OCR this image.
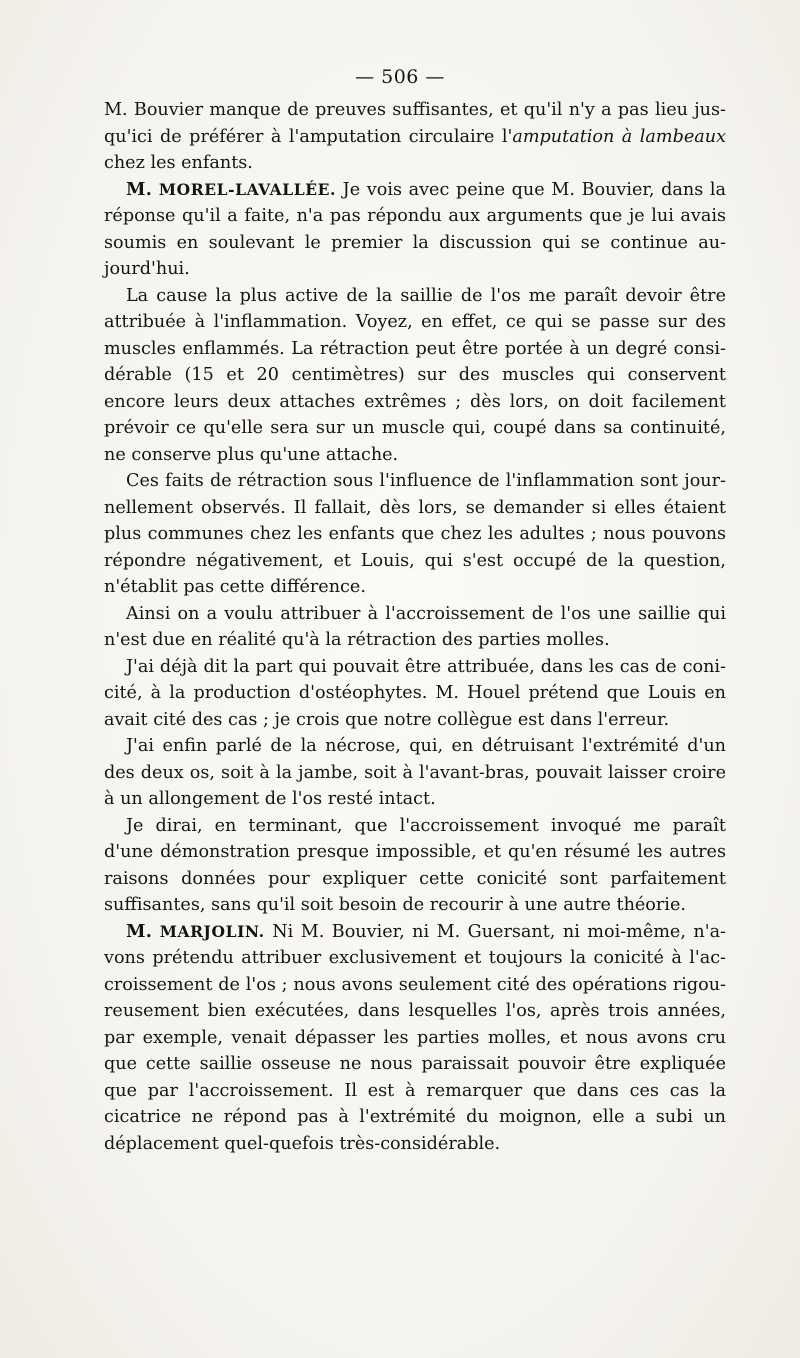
— 506 —

M. Bouvier manque de preuves suffisantes, et qu'il n'y a pas lieu jus-qu'ici de préférer à l'amputation circulaire l'amputation à lambeaux chez les enfants.

M. MOREL-LAVALLÉE. Je vois avec peine que M. Bouvier, dans la réponse qu'il a faite, n'a pas répondu aux arguments que je lui avais soumis en soulevant le premier la discussion qui se continue au-jourd'hui.

La cause la plus active de la saillie de l'os me paraît devoir être attribuée à l'inflammation. Voyez, en effet, ce qui se passe sur des muscles enflammés. La rétraction peut être portée à un degré consi-dérable (15 et 20 centimètres) sur des muscles qui conservent encore leurs deux attaches extrêmes ; dès lors, on doit facilement prévoir ce qu'elle sera sur un muscle qui, coupé dans sa continuité, ne conserve plus qu'une attache.

Ces faits de rétraction sous l'influence de l'inflammation sont jour-nellement observés. Il fallait, dès lors, se demander si elles étaient plus communes chez les enfants que chez les adultes ; nous pouvons répondre négativement, et Louis, qui s'est occupé de la question, n'établit pas cette différence.

Ainsi on a voulu attribuer à l'accroissement de l'os une saillie qui n'est due en réalité qu'à la rétraction des parties molles.

J'ai déjà dit la part qui pouvait être attribuée, dans les cas de coni-cité, à la production d'ostéophytes. M. Houel prétend que Louis en avait cité des cas ; je crois que notre collègue est dans l'erreur.

J'ai enfin parlé de la nécrose, qui, en détruisant l'extrémité d'un des deux os, soit à la jambe, soit à l'avant-bras, pouvait laisser croire à un allongement de l'os resté intact.

Je dirai, en terminant, que l'accroissement invoqué me paraît d'une démonstration presque impossible, et qu'en résumé les autres raisons données pour expliquer cette conicité sont parfaitement suffisantes, sans qu'il soit besoin de recourir à une autre théorie.

M. MARJOLIN. Ni M. Bouvier, ni M. Guersant, ni moi-même, n'a-vons prétendu attribuer exclusivement et toujours la conicité à l'ac-croissement de l'os ; nous avons seulement cité des opérations rigou-reusement bien exécutées, dans lesquelles l'os, après trois années, par exemple, venait dépasser les parties molles, et nous avons cru que cette saillie osseuse ne nous paraissait pouvoir être expliquée que par l'accroissement. Il est à remarquer que dans ces cas la cicatrice ne répond pas à l'extrémité du moignon, elle a subi un déplacement quel-quefois très-considérable.
